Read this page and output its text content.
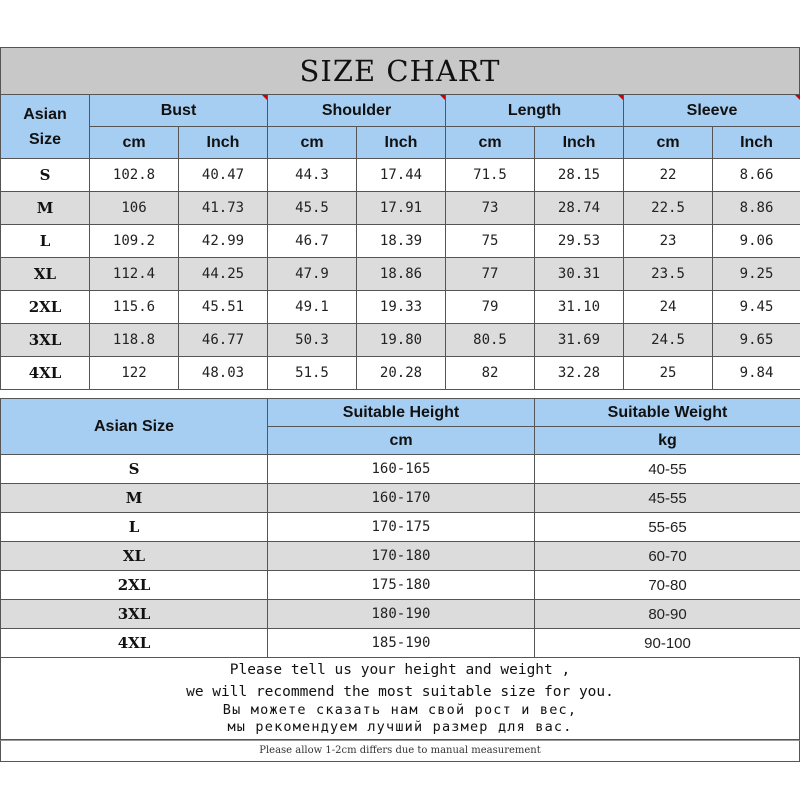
SIZE CHART
Asian
Size	Bust		Shoulder		Length		Sleeve	
	cm	Inch	cm	Inch	cm	Inch	cm	Inch
S	102.8	40.47	44.3	17.44	71.5	28.15	22	8.66
M	106	41.73	45.5	17.91	73	28.74	22.5	8.86
L	109.2	42.99	46.7	18.39	75	29.53	23	9.06
XL	112.4	44.25	47.9	18.86	77	30.31	23.5	9.25
2XL	115.6	45.51	49.1	19.33	79	31.10	24	9.45
3XL	118.8	46.77	50.3	19.80	80.5	31.69	24.5	9.65
4XL	122	48.03	51.5	20.28	82	32.28	25	9.84
Asian Size	Suitable Height	Suitable Weight
	cm	kg
S	160-165	40-55
M	160-170	45-55
L	170-175	55-65
XL	170-180	60-70
2XL	175-180	70-80
3XL	180-190	80-90
4XL	185-190	90-100
Please tell us your height and weight ,
we will recommend the most suitable size for you.
Вы можете сказать нам свой рост и вес,
мы рекомендуем лучший размер для вас.
Please allow 1-2cm differs due to manual measurement
